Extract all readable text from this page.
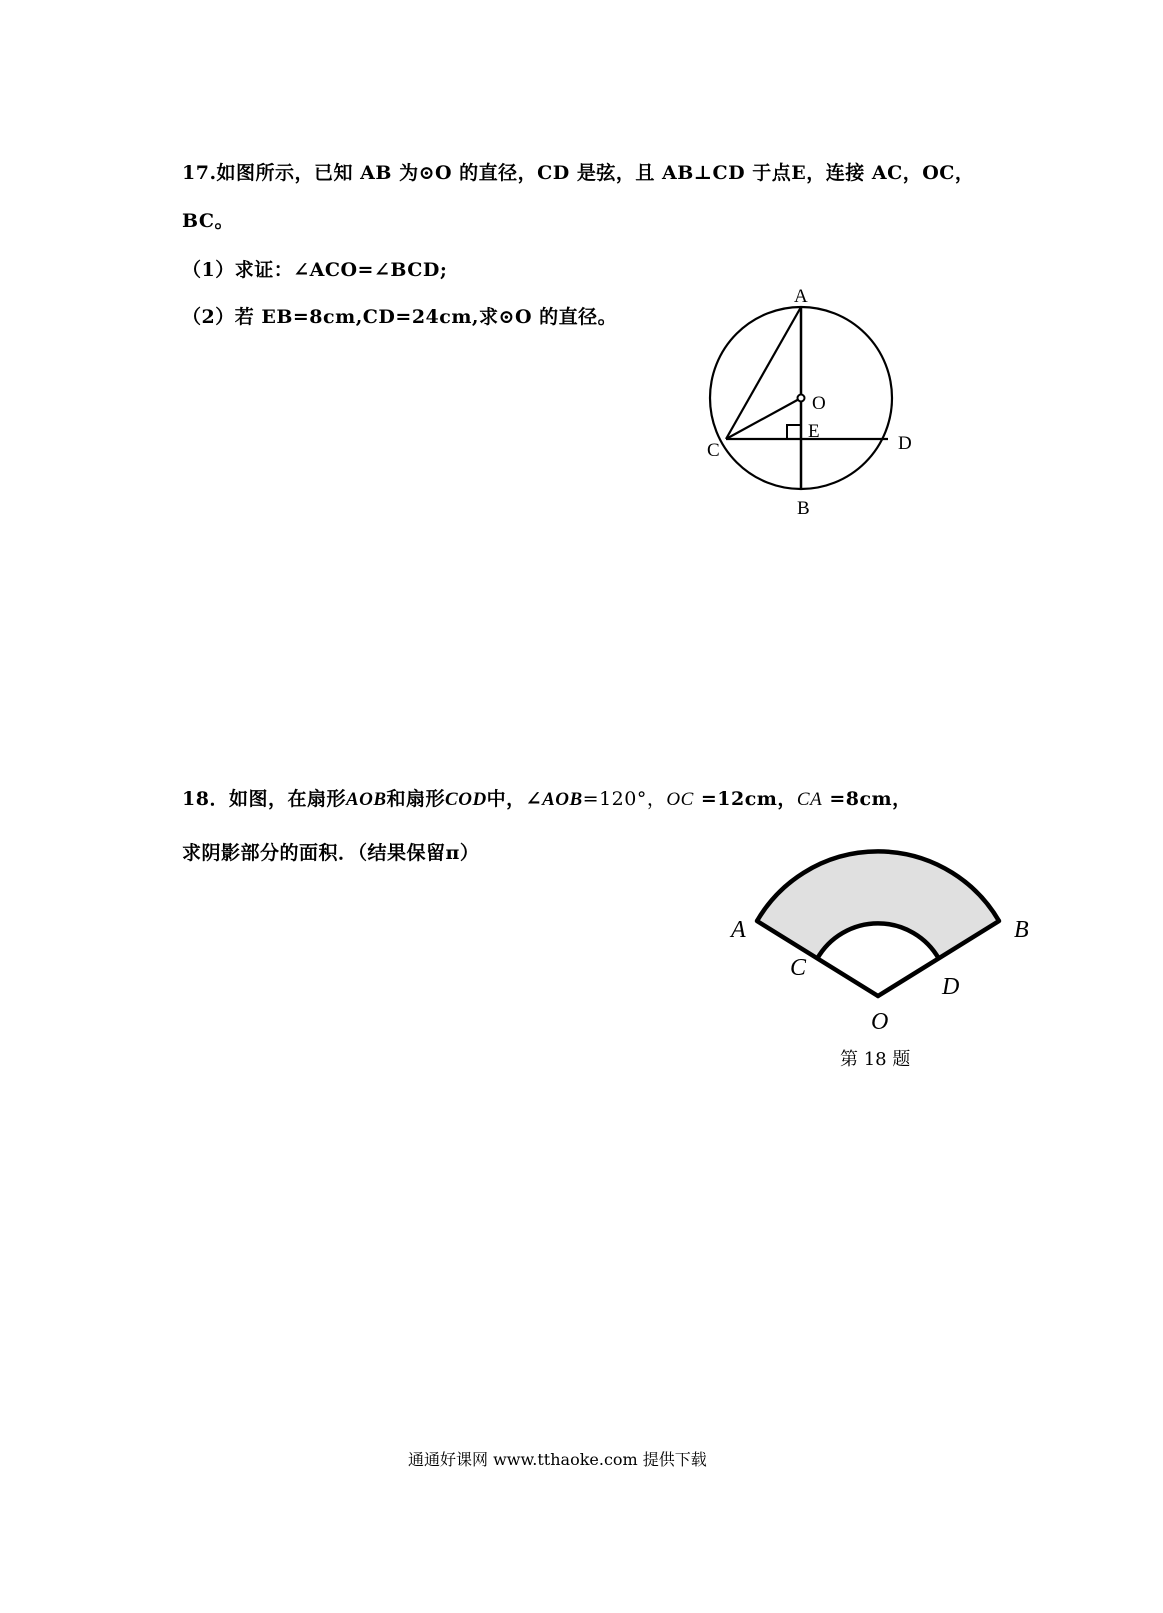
17.如图所示，已知 AB 为⊙O 的直径，CD 是弦，且 AB⊥CD 于点E，连接 AC，OC，

BC。

（1）求证：∠ACO=∠BCD;

（2）若 EB=8cm,CD=24cm,求⊙O 的直径。

A
O
E
C	D
B

18．如图，在扇形AOB和扇形COD中，∠AOB=120°，OC =12cm，CA =8cm，

求阴影部分的面积．（结果保留π）

A	B
C
D
O
第 18 题

通通好课网 www.tthaoke.com 提供下载
